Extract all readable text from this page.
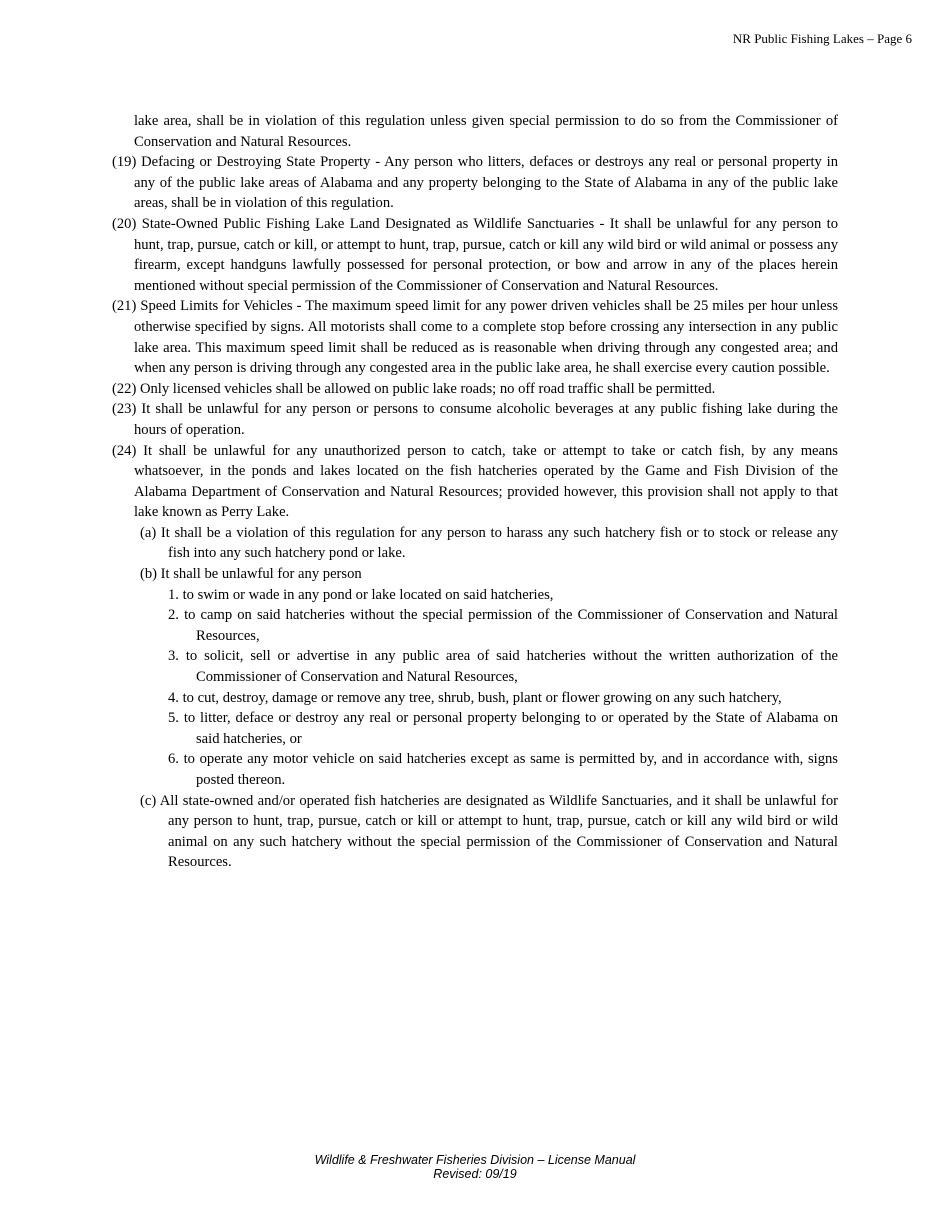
NR Public Fishing Lakes – Page 6

lake area, shall be in violation of this regulation unless given special permission to do so from the Commissioner of Conservation and Natural Resources.

(19) Defacing or Destroying State Property - Any person who litters, defaces or destroys any real or personal property in any of the public lake areas of Alabama and any property belonging to the State of Alabama in any of the public lake areas, shall be in violation of this regulation.

(20) State-Owned Public Fishing Lake Land Designated as Wildlife Sanctuaries - It shall be unlawful for any person to hunt, trap, pursue, catch or kill, or attempt to hunt, trap, pursue, catch or kill any wild bird or wild animal or possess any firearm, except handguns lawfully possessed for personal protection, or bow and arrow in any of the places herein mentioned without special permission of the Commissioner of Conservation and Natural Resources.

(21) Speed Limits for Vehicles - The maximum speed limit for any power driven vehicles shall be 25 miles per hour unless otherwise specified by signs. All motorists shall come to a complete stop before crossing any intersection in any public lake area. This maximum speed limit shall be reduced as is reasonable when driving through any congested area; and when any person is driving through any congested area in the public lake area, he shall exercise every caution possible.

(22) Only licensed vehicles shall be allowed on public lake roads; no off road traffic shall be permitted.

(23) It shall be unlawful for any person or persons to consume alcoholic beverages at any public fishing lake during the hours of operation.

(24) It shall be unlawful for any unauthorized person to catch, take or attempt to take or catch fish, by any means whatsoever, in the ponds and lakes located on the fish hatcheries operated by the Game and Fish Division of the Alabama Department of Conservation and Natural Resources; provided however, this provision shall not apply to that lake known as Perry Lake.

(a) It shall be a violation of this regulation for any person to harass any such hatchery fish or to stock or release any fish into any such hatchery pond or lake.

(b) It shall be unlawful for any person

1. to swim or wade in any pond or lake located on said hatcheries,

2. to camp on said hatcheries without the special permission of the Commissioner of Conservation and Natural Resources,

3. to solicit, sell or advertise in any public area of said hatcheries without the written authorization of the Commissioner of Conservation and Natural Resources,

4. to cut, destroy, damage or remove any tree, shrub, bush, plant or flower growing on any such hatchery,

5. to litter, deface or destroy any real or personal property belonging to or operated by the State of Alabama on said hatcheries, or

6. to operate any motor vehicle on said hatcheries except as same is permitted by, and in accordance with, signs posted thereon.

(c) All state-owned and/or operated fish hatcheries are designated as Wildlife Sanctuaries, and it shall be unlawful for any person to hunt, trap, pursue, catch or kill or attempt to hunt, trap, pursue, catch or kill any wild bird or wild animal on any such hatchery without the special permission of the Commissioner of Conservation and Natural Resources.

Wildlife & Freshwater Fisheries Division – License Manual
Revised: 09/19
